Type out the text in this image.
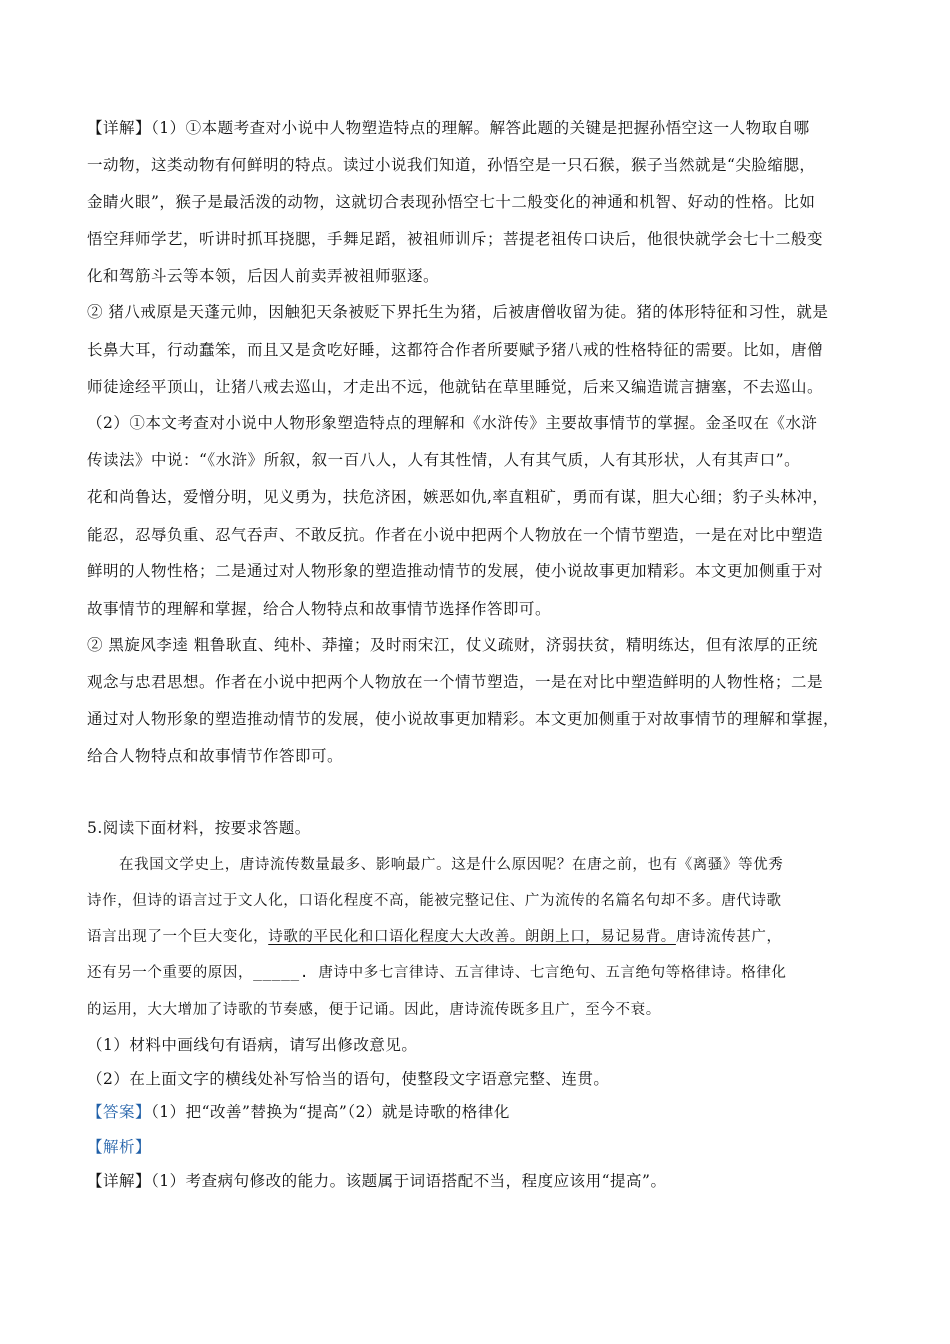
【详解】（1）①本题考查对小说中人物塑造特点的理解。解答此题的关键是把握孙悟空这一人物取自哪
一动物，这类动物有何鲜明的特点。读过小说我们知道，孙悟空是一只石猴，猴子当然就是“尖脸缩腮，
金睛火眼”，猴子是最活泼的动物，这就切合表现孙悟空七十二般变化的神通和机智、好动的性格。比如
悟空拜师学艺，听讲时抓耳挠腮，手舞足蹈，被祖师训斥；菩提老祖传口诀后，他很快就学会七十二般变
化和驾筋斗云等本领，后因人前卖弄被祖师驱逐。
② 猪八戒原是天蓬元帅，因触犯天条被贬下界托生为猪，后被唐僧收留为徒。猪的体形特征和习性，就是
长鼻大耳，行动蠢笨，而且又是贪吃好睡，这都符合作者所要赋予猪八戒的性格特征的需要。比如，唐僧
师徒途经平顶山，让猪八戒去巡山，才走出不远，他就钻在草里睡觉，后来又编造谎言搪塞，不去巡山。
（2）①本文考查对小说中人物形象塑造特点的理解和《水浒传》主要故事情节的掌握。金圣叹在《水浒
传读法》中说：“《水浒》所叙，叙一百八人，人有其性情，人有其气质，人有其形状，人有其声口”。
花和尚鲁达，爱憎分明，见义勇为，扶危济困，嫉恶如仇,率直粗矿，勇而有谋，胆大心细；豹子头林冲，
能忍，忍辱负重、忍气吞声、不敢反抗。作者在小说中把两个人物放在一个情节塑造，一是在对比中塑造
鲜明的人物性格；二是通过对人物形象的塑造推动情节的发展，使小说故事更加精彩。本文更加侧重于对
故事情节的理解和掌握，给合人物特点和故事情节选择作答即可。
② 黑旋风李逵 粗鲁耿直、纯朴、莽撞；及时雨宋江，仗义疏财，济弱扶贫，精明练达，但有浓厚的正统
观念与忠君思想。作者在小说中把两个人物放在一个情节塑造，一是在对比中塑造鲜明的人物性格；二是
通过对人物形象的塑造推动情节的发展，使小说故事更加精彩。本文更加侧重于对故事情节的理解和掌握，
给合人物特点和故事情节作答即可。
5.阅读下面材料，按要求答题。
在我国文学史上，唐诗流传数量最多、影响最广。这是什么原因呢？在唐之前，也有《离骚》等优秀
诗作，但诗的语言过于文人化，口语化程度不高，能被完整记住、广为流传的名篇名句却不多。唐代诗歌
语言出现了一个巨大变化，诗歌的平民化和口语化程度大大改善。朗朗上口，易记易背。唐诗流传甚广，
还有另一个重要的原因，_____. 唐诗中多七言律诗、五言律诗、七言绝句、五言绝句等格律诗。格律化
的运用，大大增加了诗歌的节奏感，便于记诵。因此，唐诗流传既多且广，至今不衰。
（1）材料中画线句有语病，请写出修改意见。
（2）在上面文字的横线处补写恰当的语句，使整段文字语意完整、连贯。
【答案】（1）把“改善”替换为“提高”（2）就是诗歌的格律化
【解析】
【详解】（1）考查病句修改的能力。该题属于词语搭配不当，程度应该用“提高”。
